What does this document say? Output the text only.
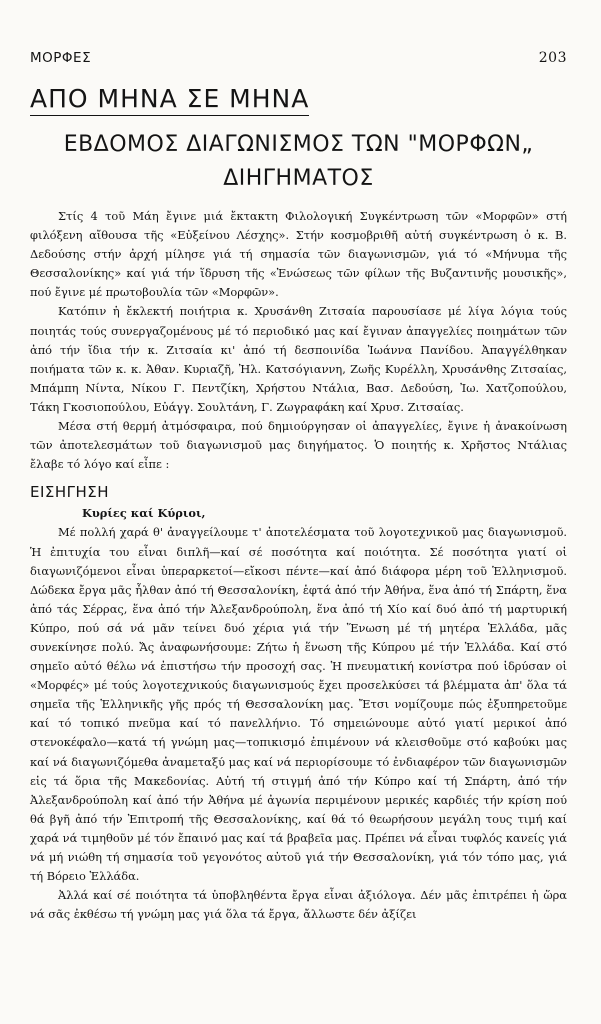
ΜΟΡΦΕΣ	203
ΑΠΟ ΜΗΝΑ ΣΕ ΜΗΝΑ
ΕΒΔΟΜΟΣ ΔΙΑΓΩΝΙΣΜΟΣ ΤΩΝ "ΜΟΡΦΩΝ„ ΔΙΗΓΗΜΑΤΟΣ

Στίς 4 τοῦ Μάη ἔγινε μιά ἔκτακτη Φιλολογική Συγκέντρωση τῶν «Μορφῶν» στή φιλόξενη αἴθουσα τῆς «Εὐξείνου Λέσχης». Στήν κοσμοβριθῆ αὐτή συγκέντρωση ὁ κ. Β. Δεδούσης στήν ἀρχή μίλησε γιά τή σημασία τῶν διαγωνισμῶν, γιά τό «Μήνυμα τῆς Θεσσαλονίκης» καί γιά τήν ἵδρυση τῆς «Ἑνώσεως τῶν φίλων τῆς Βυζαντινῆς μουσικῆς», πού ἔγινε μέ πρωτοβουλία τῶν «Μορφῶν».

Κατόπιν ἡ ἔκλεκτή ποιήτρια κ. Χρυσάνθη Ζιτσαία παρουσίασε μέ λίγα λόγια τούς ποιητάς τούς συνεργαζομένους μέ τό περιοδικό μας καί ἔγιναν ἀπαγγελίες ποιημάτων τῶν ἀπό τήν ἴδια τήν κ. Ζιτσαία κι' ἀπό τή δεσποινίδα Ἰωάννα Πανίδου. Ἀπαγγέλθηκαν ποιήματα τῶν κ. κ. Ἀθαν. Κυριαζῆ, Ἠλ. Κατσόγιαννη, Ζωῆς Κυρέλλη, Χρυσάνθης Ζιτσαίας, Μπάμπη Νίντα, Νίκου Γ. Πεντζίκη, Χρήστου Ντάλια, Βασ. Δεδούση, Ἰω. Χατζοπούλου, Τάκη Γκοσιοπούλου, Εὐάγγ. Σουλτάνη, Γ. Ζωγραφάκη καί Χρυσ. Ζιτσαίας.

Μέσα στή θερμή ἀτμόσφαιρα, πού δημιούργησαν οἱ ἀπαγγελίες, ἔγινε ἡ ἀνακοίνωση τῶν ἀποτελεσμάτων τοῦ διαγωνισμοῦ μας διηγήματος. Ὁ ποιητής κ. Χρῆστος Ντάλιας ἔλαβε τό λόγο καί εἶπε :

ΕΙΣΗΓΗΣΗ

Κυρίες καί Κύριοι,

Μέ πολλή χαρά θ' ἀναγγείλουμε τ' ἀποτελέσματα τοῦ λογοτεχνικοῦ μας διαγωνισμοῦ. Ἡ ἐπιτυχία του εἶναι διπλῆ—καί σέ ποσότητα καί ποιότητα. Σέ ποσότητα γιατί οἱ διαγωνιζόμενοι εἶναι ὑπεραρκετοί—εἴκοσι πέντε—καί ἀπό διάφορα μέρη τοῦ Ἑλληνισμοῦ. Δώδεκα ἔργα μᾶς ἦλθαν ἀπό τή Θεσσαλονίκη, ἑφτά ἀπό τήν Ἀθήνα, ἕνα ἀπό τή Σπάρτη, ἕνα ἀπό τάς Σέρρας, ἕνα ἀπό τήν Ἀλεξανδρούπολη, ἕνα ἀπό τή Χίο καί δυό ἀπό τή μαρτυρική Κύπρο, πού σά νά μᾶν τείνει δυό χέρια γιά τήν Ἕνωση μέ τή μητέρα Ἑλλάδα, μᾶς συνεκίνησε πολύ. Ἄς ἀναφωνήσουμε: Ζήτω ἡ ἕνωση τῆς Κύπρου μέ τήν Ἑλλάδα. Καί στό σημεῖο αὐτό θέλω νά ἐπιστήσω τήν προσοχή σας. Ἡ πνευματική κονίστρα πού ἱδρύσαν οἱ «Μορφές» μέ τούς λογοτεχνικούς διαγωνισμούς ἔχει προσελκύσει τά βλέμματα ἀπ' ὅλα τά σημεῖα τῆς Ἑλληνικῆς γῆς πρός τή Θεσσαλονίκη μας. Ἔτσι νομίζουμε πώς ἐξυπηρετοῦμε καί τό τοπικό πνεῦμα καί τό πανελλήνιο. Τό σημειώνουμε αὐτό γιατί μερικοί ἀπό στενοκέφαλο—κατά τή γνώμη μας—τοπικισμό ἐπιμένουν νά κλεισθοῦμε στό καβούκι μας καί νά διαγωνιζόμεθα ἀναμεταξύ μας καί νά περιορίσουμε τό ἐνδιαφέρον τῶν διαγωνισμῶν εἰς τά ὅρια τῆς Μακεδονίας. Αὐτή τή στιγμή ἀπό τήν Κύπρο καί τή Σπάρτη, ἀπό τήν Ἀλεξανδρούπολη καί ἀπό τήν Ἀθήνα μέ ἀγωνία περιμένουν μερικές καρδιές τήν κρίση πού θά βγῆ ἀπό τήν Ἐπιτροπή τῆς Θεσσαλονίκης, καί θά τό θεωρήσουν μεγάλη τους τιμή καί χαρά νά τιμηθοῦν μέ τόν ἔπαινό μας καί τά βραβεῖα μας. Πρέπει νά εἶναι τυφλός κανείς γιά νά μή νιώθη τή σημασία τοῦ γεγονότος αὐτοῦ γιά τήν Θεσσαλονίκη, γιά τόν τόπο μας, γιά τή Βόρειο Ἑλλάδα.

Ἀλλά καί σέ ποιότητα τά ὑποβληθέντα ἔργα εἶναι ἀξιόλογα. Δέν μᾶς ἐπιτρέπει ἡ ὥρα νά σᾶς ἐκθέσω τή γνώμη μας γιά ὅλα τά ἔργα, ἄλλωστε δέν ἀξίζει
